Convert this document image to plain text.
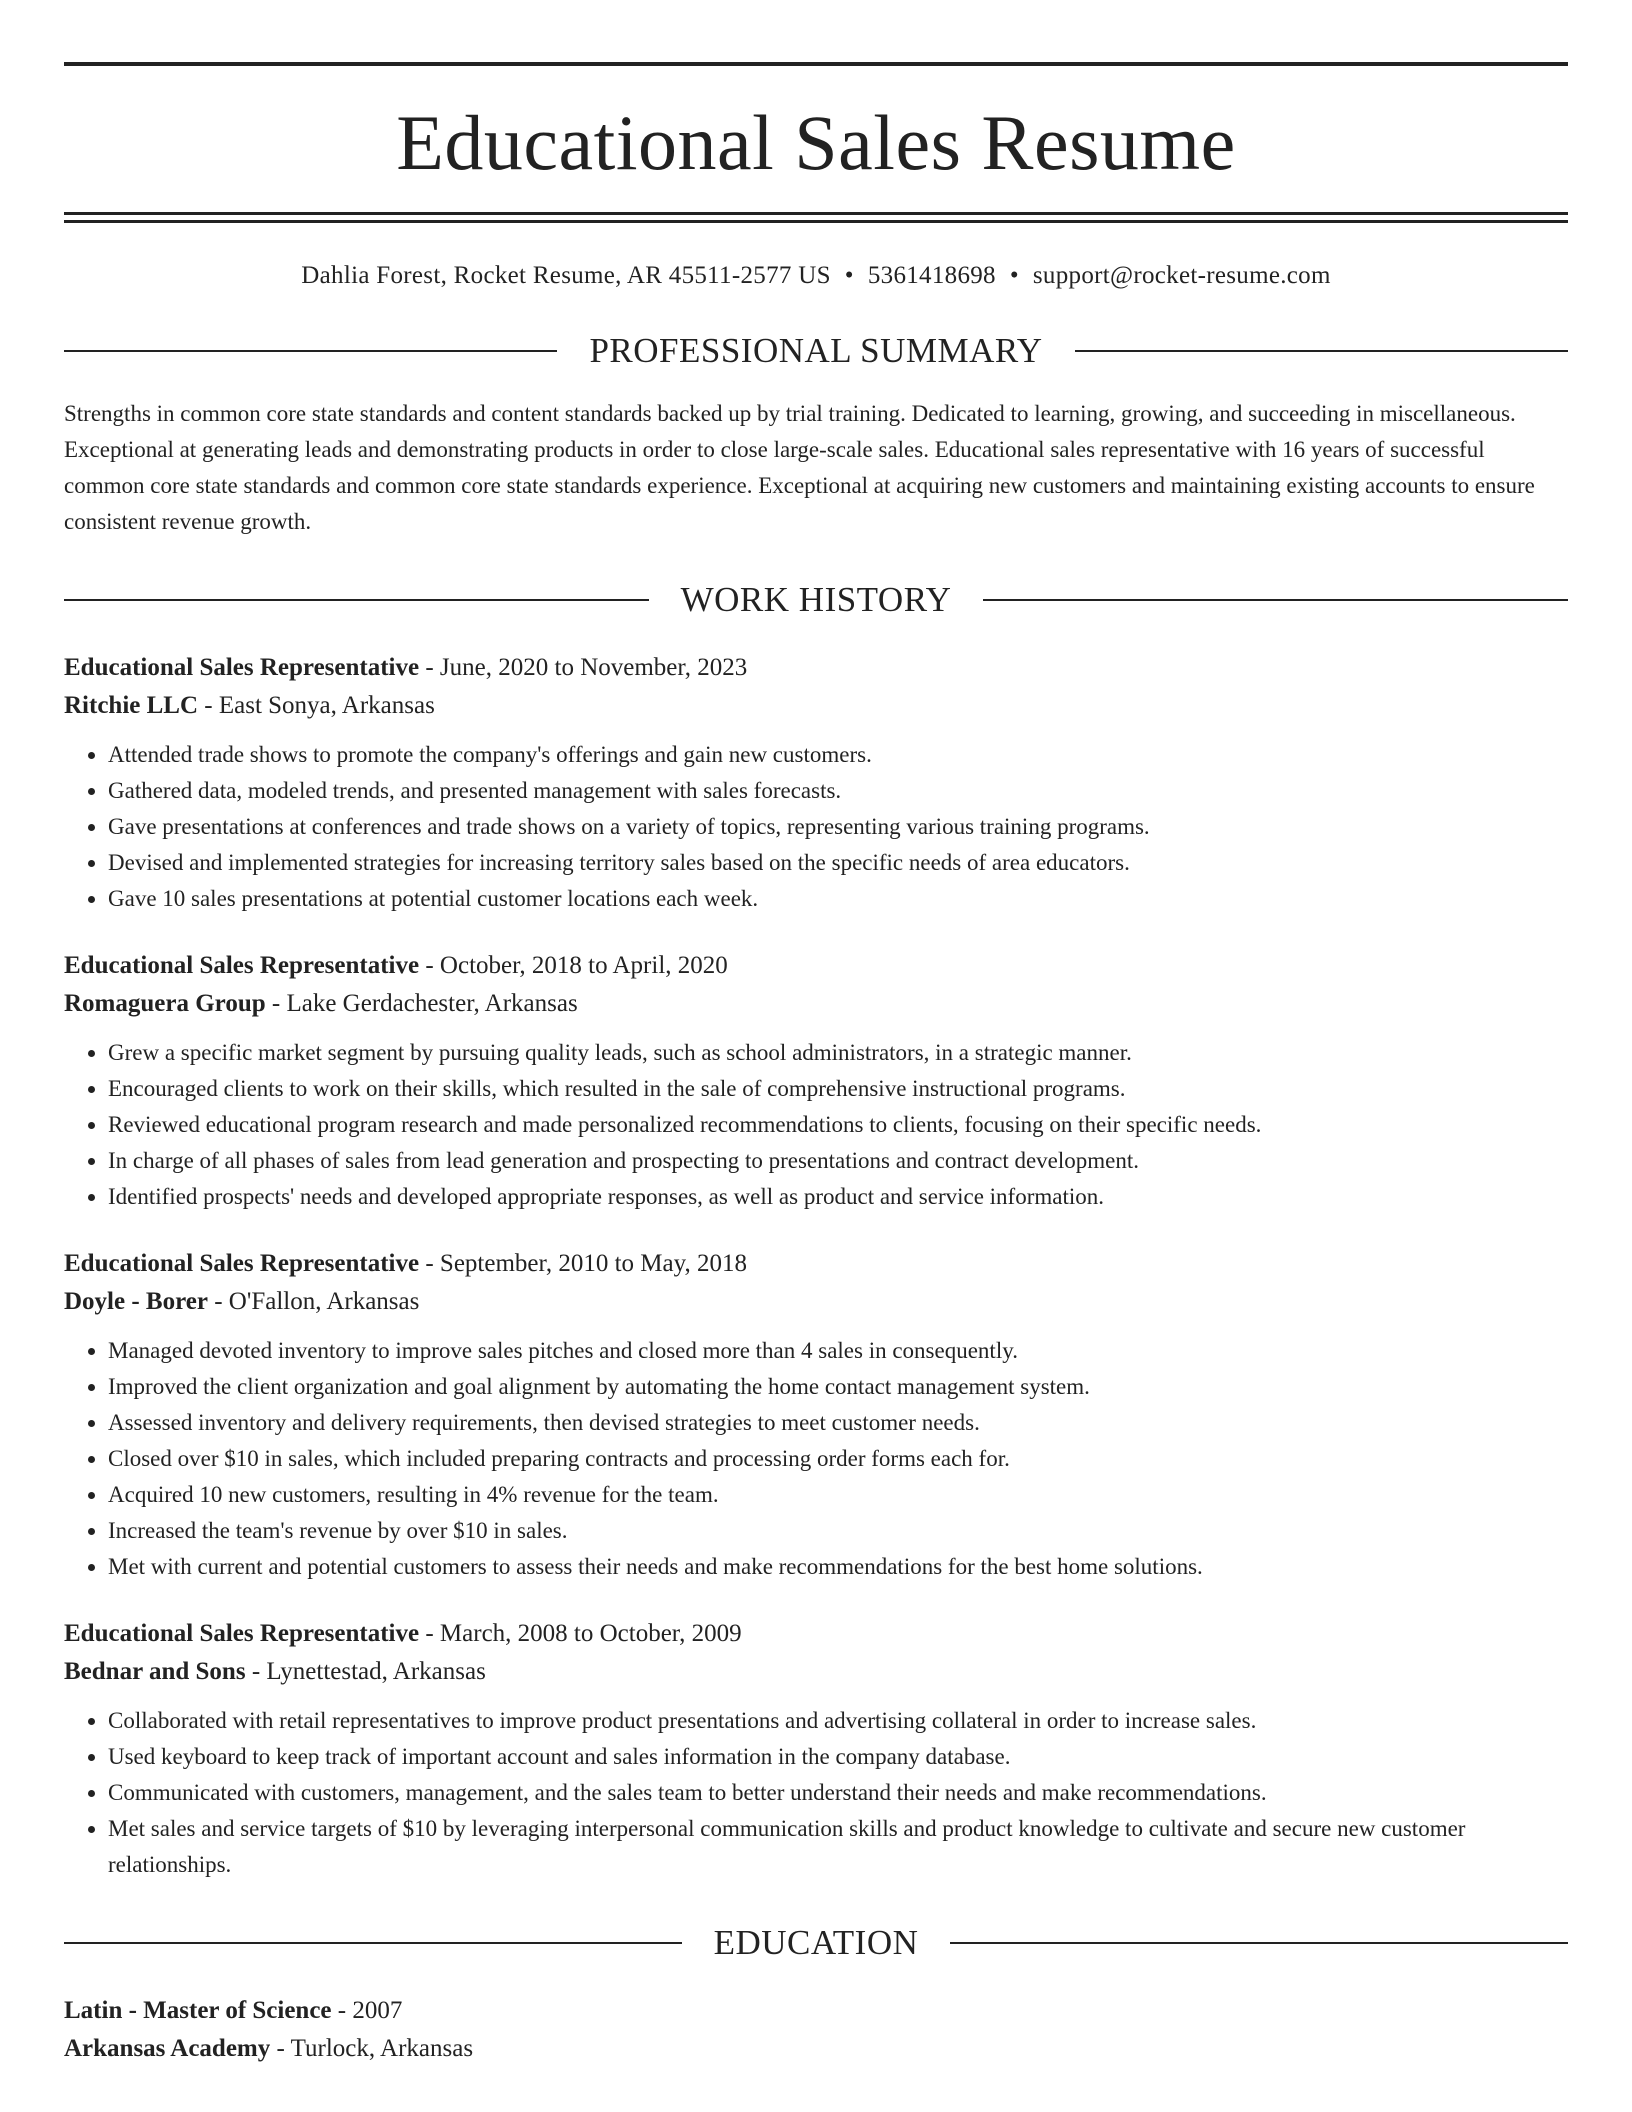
Educational Sales Resume
Dahlia Forest, Rocket Resume, AR 45511-2577 US • 5361418698 • support@rocket-resume.com
PROFESSIONAL SUMMARY
Strengths in common core state standards and content standards backed up by trial training. Dedicated to learning, growing, and succeeding in miscellaneous. Exceptional at generating leads and demonstrating products in order to close large-scale sales. Educational sales representative with 16 years of successful common core state standards and common core state standards experience. Exceptional at acquiring new customers and maintaining existing accounts to ensure consistent revenue growth.
WORK HISTORY
Educational Sales Representative - June, 2020 to November, 2023
Ritchie LLC - East Sonya, Arkansas
• Attended trade shows to promote the company's offerings and gain new customers.
• Gathered data, modeled trends, and presented management with sales forecasts.
• Gave presentations at conferences and trade shows on a variety of topics, representing various training programs.
• Devised and implemented strategies for increasing territory sales based on the specific needs of area educators.
• Gave 10 sales presentations at potential customer locations each week.
Educational Sales Representative - October, 2018 to April, 2020
Romaguera Group - Lake Gerdachester, Arkansas
• Grew a specific market segment by pursuing quality leads, such as school administrators, in a strategic manner.
• Encouraged clients to work on their skills, which resulted in the sale of comprehensive instructional programs.
• Reviewed educational program research and made personalized recommendations to clients, focusing on their specific needs.
• In charge of all phases of sales from lead generation and prospecting to presentations and contract development.
• Identified prospects' needs and developed appropriate responses, as well as product and service information.
Educational Sales Representative - September, 2010 to May, 2018
Doyle - Borer - O'Fallon, Arkansas
• Managed devoted inventory to improve sales pitches and closed more than 4 sales in consequently.
• Improved the client organization and goal alignment by automating the home contact management system.
• Assessed inventory and delivery requirements, then devised strategies to meet customer needs.
• Closed over $10 in sales, which included preparing contracts and processing order forms each for.
• Acquired 10 new customers, resulting in 4% revenue for the team.
• Increased the team's revenue by over $10 in sales.
• Met with current and potential customers to assess their needs and make recommendations for the best home solutions.
Educational Sales Representative - March, 2008 to October, 2009
Bednar and Sons - Lynettestad, Arkansas
• Collaborated with retail representatives to improve product presentations and advertising collateral in order to increase sales.
• Used keyboard to keep track of important account and sales information in the company database.
• Communicated with customers, management, and the sales team to better understand their needs and make recommendations.
• Met sales and service targets of $10 by leveraging interpersonal communication skills and product knowledge to cultivate and secure new customer relationships.
EDUCATION
Latin - Master of Science - 2007
Arkansas Academy - Turlock, Arkansas
